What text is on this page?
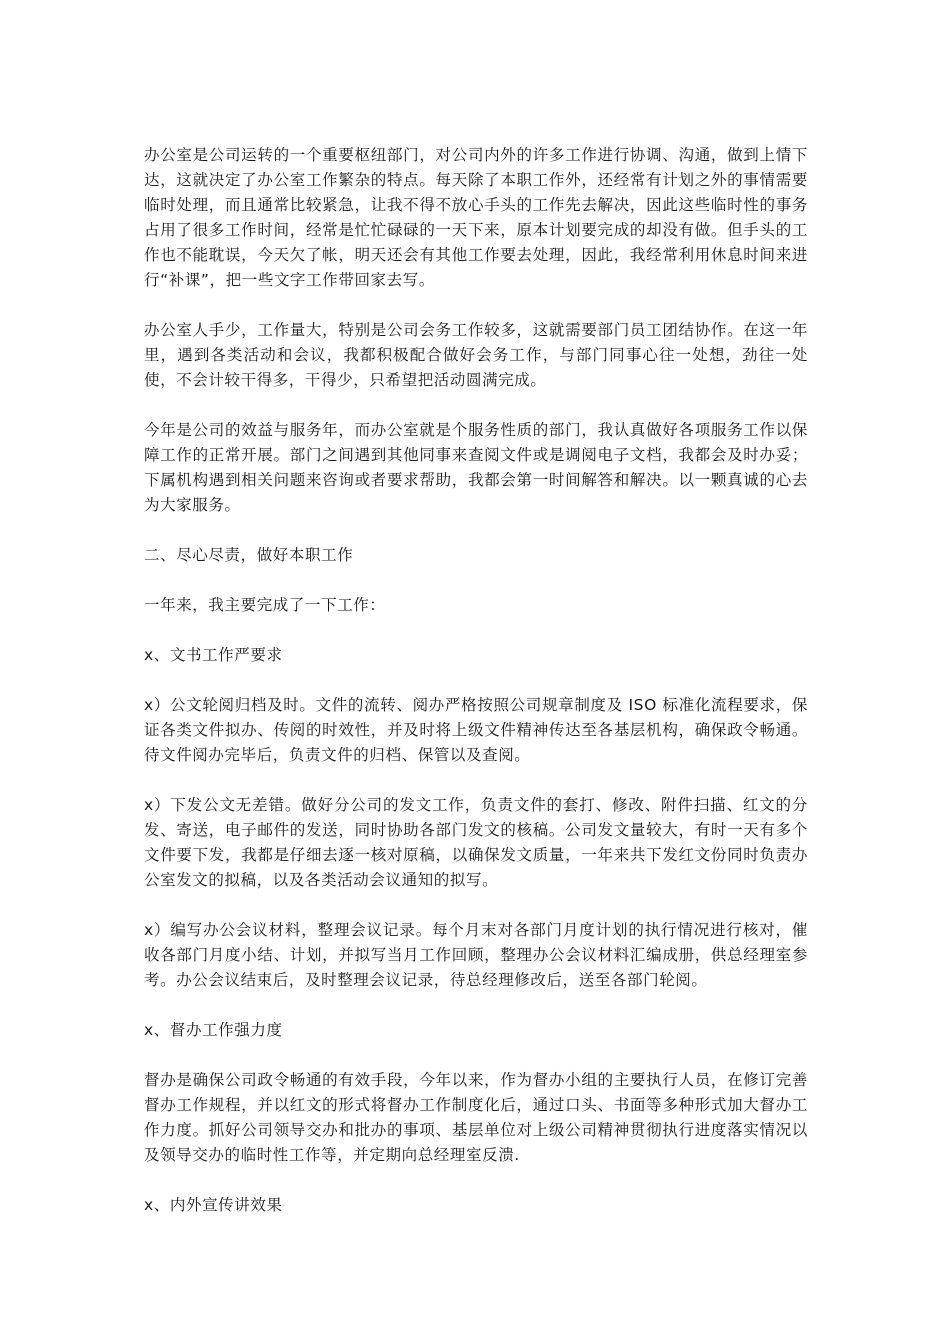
办公室是公司运转的一个重要枢纽部门，对公司内外的许多工作进行协调、沟通，做到上情下达，这就决定了办公室工作繁杂的特点。每天除了本职工作外，还经常有计划之外的事情需要临时处理，而且通常比较紧急，让我不得不放心手头的工作先去解决，因此这些临时性的事务占用了很多工作时间，经常是忙忙碌碌的一天下来，原本计划要完成的却没有做。但手头的工作也不能耽误，今天欠了帐，明天还会有其他工作要去处理，因此，我经常利用休息时间来进行“补课”，把一些文字工作带回家去写。

办公室人手少，工作量大，特别是公司会务工作较多，这就需要部门员工团结协作。在这一年里，遇到各类活动和会议，我都积极配合做好会务工作，与部门同事心往一处想，劲往一处使，不会计较干得多，干得少，只希望把活动圆满完成。

今年是公司的效益与服务年，而办公室就是个服务性质的部门，我认真做好各项服务工作以保障工作的正常开展。部门之间遇到其他同事来查阅文件或是调阅电子文档，我都会及时办妥；下属机构遇到相关问题来咨询或者要求帮助，我都会第一时间解答和解决。以一颗真诚的心去为大家服务。

二、尽心尽责，做好本职工作

一年来，我主要完成了一下工作：

x、文书工作严要求

x）公文轮阅归档及时。文件的流转、阅办严格按照公司规章制度及 ISO 标准化流程要求，保证各类文件拟办、传阅的时效性，并及时将上级文件精神传达至各基层机构，确保政令畅通。待文件阅办完毕后，负责文件的归档、保管以及查阅。

x）下发公文无差错。做好分公司的发文工作，负责文件的套打、修改、附件扫描、红文的分发、寄送，电子邮件的发送，同时协助各部门发文的核稿。公司发文量较大，有时一天有多个文件要下发，我都是仔细去逐一核对原稿，以确保发文质量，一年来共下发红文份同时负责办公室发文的拟稿，以及各类活动会议通知的拟写。

x）编写办公会议材料，整理会议记录。每个月末对各部门月度计划的执行情况进行核对，催收各部门月度小结、计划，并拟写当月工作回顾，整理办公会议材料汇编成册，供总经理室参考。办公会议结束后，及时整理会议记录，待总经理修改后，送至各部门轮阅。

x、督办工作强力度

督办是确保公司政令畅通的有效手段，今年以来，作为督办小组的主要执行人员，在修订完善督办工作规程，并以红文的形式将督办工作制度化后，通过口头、书面等多种形式加大督办工作力度。抓好公司领导交办和批办的事项、基层单位对上级公司精神贯彻执行进度落实情况以及领导交办的临时性工作等，并定期向总经理室反溃.

x、内外宣传讲效果
